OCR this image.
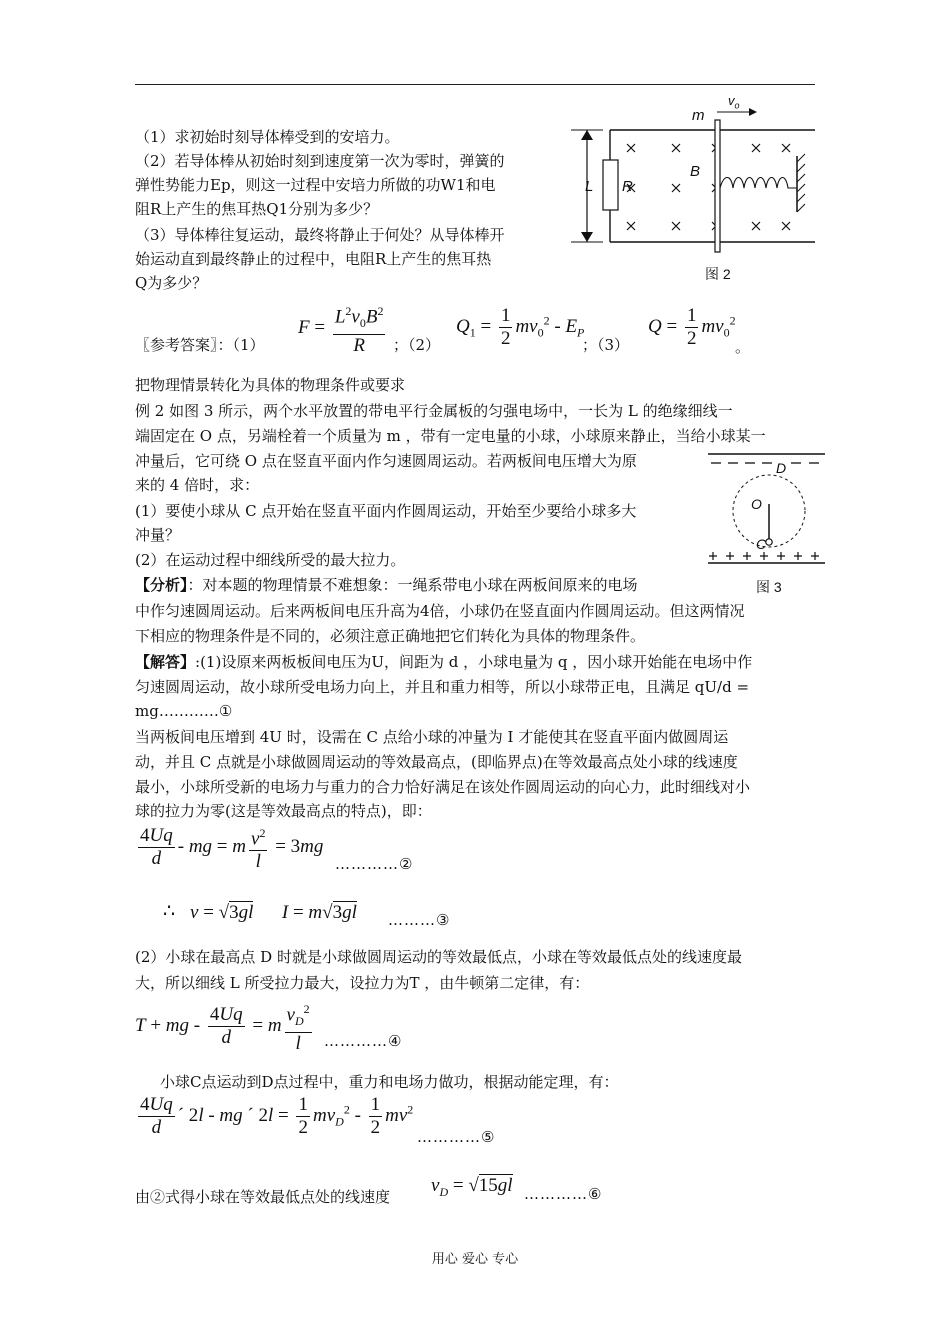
（1）求初始时刻导体棒受到的安培力。
（2）若导体棒从初始时刻到速度第一次为零时，弹簧的
弹性势能力Ep，则这一过程中安培力所做的功W1和电
阻R上产生的焦耳热Q1分别为多少？
（3）导体棒往复运动，最终将静止于何处？从导体棒开
始运动直到最终静止的过程中，电阻R上产生的焦耳热
Q为多少？
m
$v_o$
L R
B
图 2
〖参考答案〗：（1）
$F = \frac{L^2v_0B^2}{R}$ ；（2）
$Q_1 = \frac{1}{2} mv_0^2 - E_P$
；（3）
$Q = \frac{1}{2} mv_0^2$
。
把物理情景转化为具体的物理条件或要求
例 2 如图 3 所示，两个水平放置的带电平行金属板的匀强电场中，一长为 L 的绝缘细线一
端固定在 O 点，另端栓着一个质量为 m ，带有一定电量的小球，小球原来静止，当给小球某一
冲量后，它可绕 O 点在竖直平面内作匀速圆周运动。若两板间电压增大为原
来的 4 倍时，求：
(1）要使小球从 C 点开始在竖直平面内作圆周运动，开始至少要给小球多大
冲量？
(2）在运动过程中细线所受的最大拉力。
D
O
C
图 3
【分析】：对本题的物理情景不难想象：一绳系带电小球在两板间原来的电场
中作匀速圆周运动。后来两板间电压升高为4倍，小球仍在竖直面内作圆周运动。但这两情况
下相应的物理条件是不同的，必须注意正确地把它们转化为具体的物理条件。
【解答】:(1)设原来两板板间电压为U，间距为 d ，小球电量为 q ，因小球开始能在电场中作
匀速圆周运动，故小球所受电场力向上，并且和重力相等，所以小球带正电，且满足 qU/d =
mg…………①
当两板间电压增到 4U 时，设需在 C 点给小球的冲量为 I 才能使其在竖直平面内做圆周运
动，并且 C 点就是小球做圆周运动的等效最高点，(即临界点)在等效最高点处小球的线速度
最小，小球所受新的电场力与重力的合力恰好满足在该处作圆周运动的向心力，此时细线对小
球的拉力为零(这是等效最高点的特点)，即：
$\frac{4Uq}{d}$ - mg = m $\frac{v^2}{l} = 3mg$
…………②
∴ v = √3gl I = m√3gl ………③
(2）小球在最高点 D 时就是小球做圆周运动的等效最低点，小球在等效最低点处的线速度最
大，所以细线 L 所受拉力最大，设拉力为T ，由牛顿第二定律，有：
T + mg - $\frac{4Uq}{d} = m \frac{v_D^2}{l}$ …………④
小球C点运动到D点过程中，重力和电场力做功，根据动能定理，有：
$\frac{4Uq}{d}$ ´ 2l - mg ´ $2l = \frac{1}{2} mv_D^2 - \frac{1}{2} mv^2$
…………⑤
由②式得小球在等效最低点处的线速度
$v_D = √15gl$ …………⑥
用心 爱心 专心
